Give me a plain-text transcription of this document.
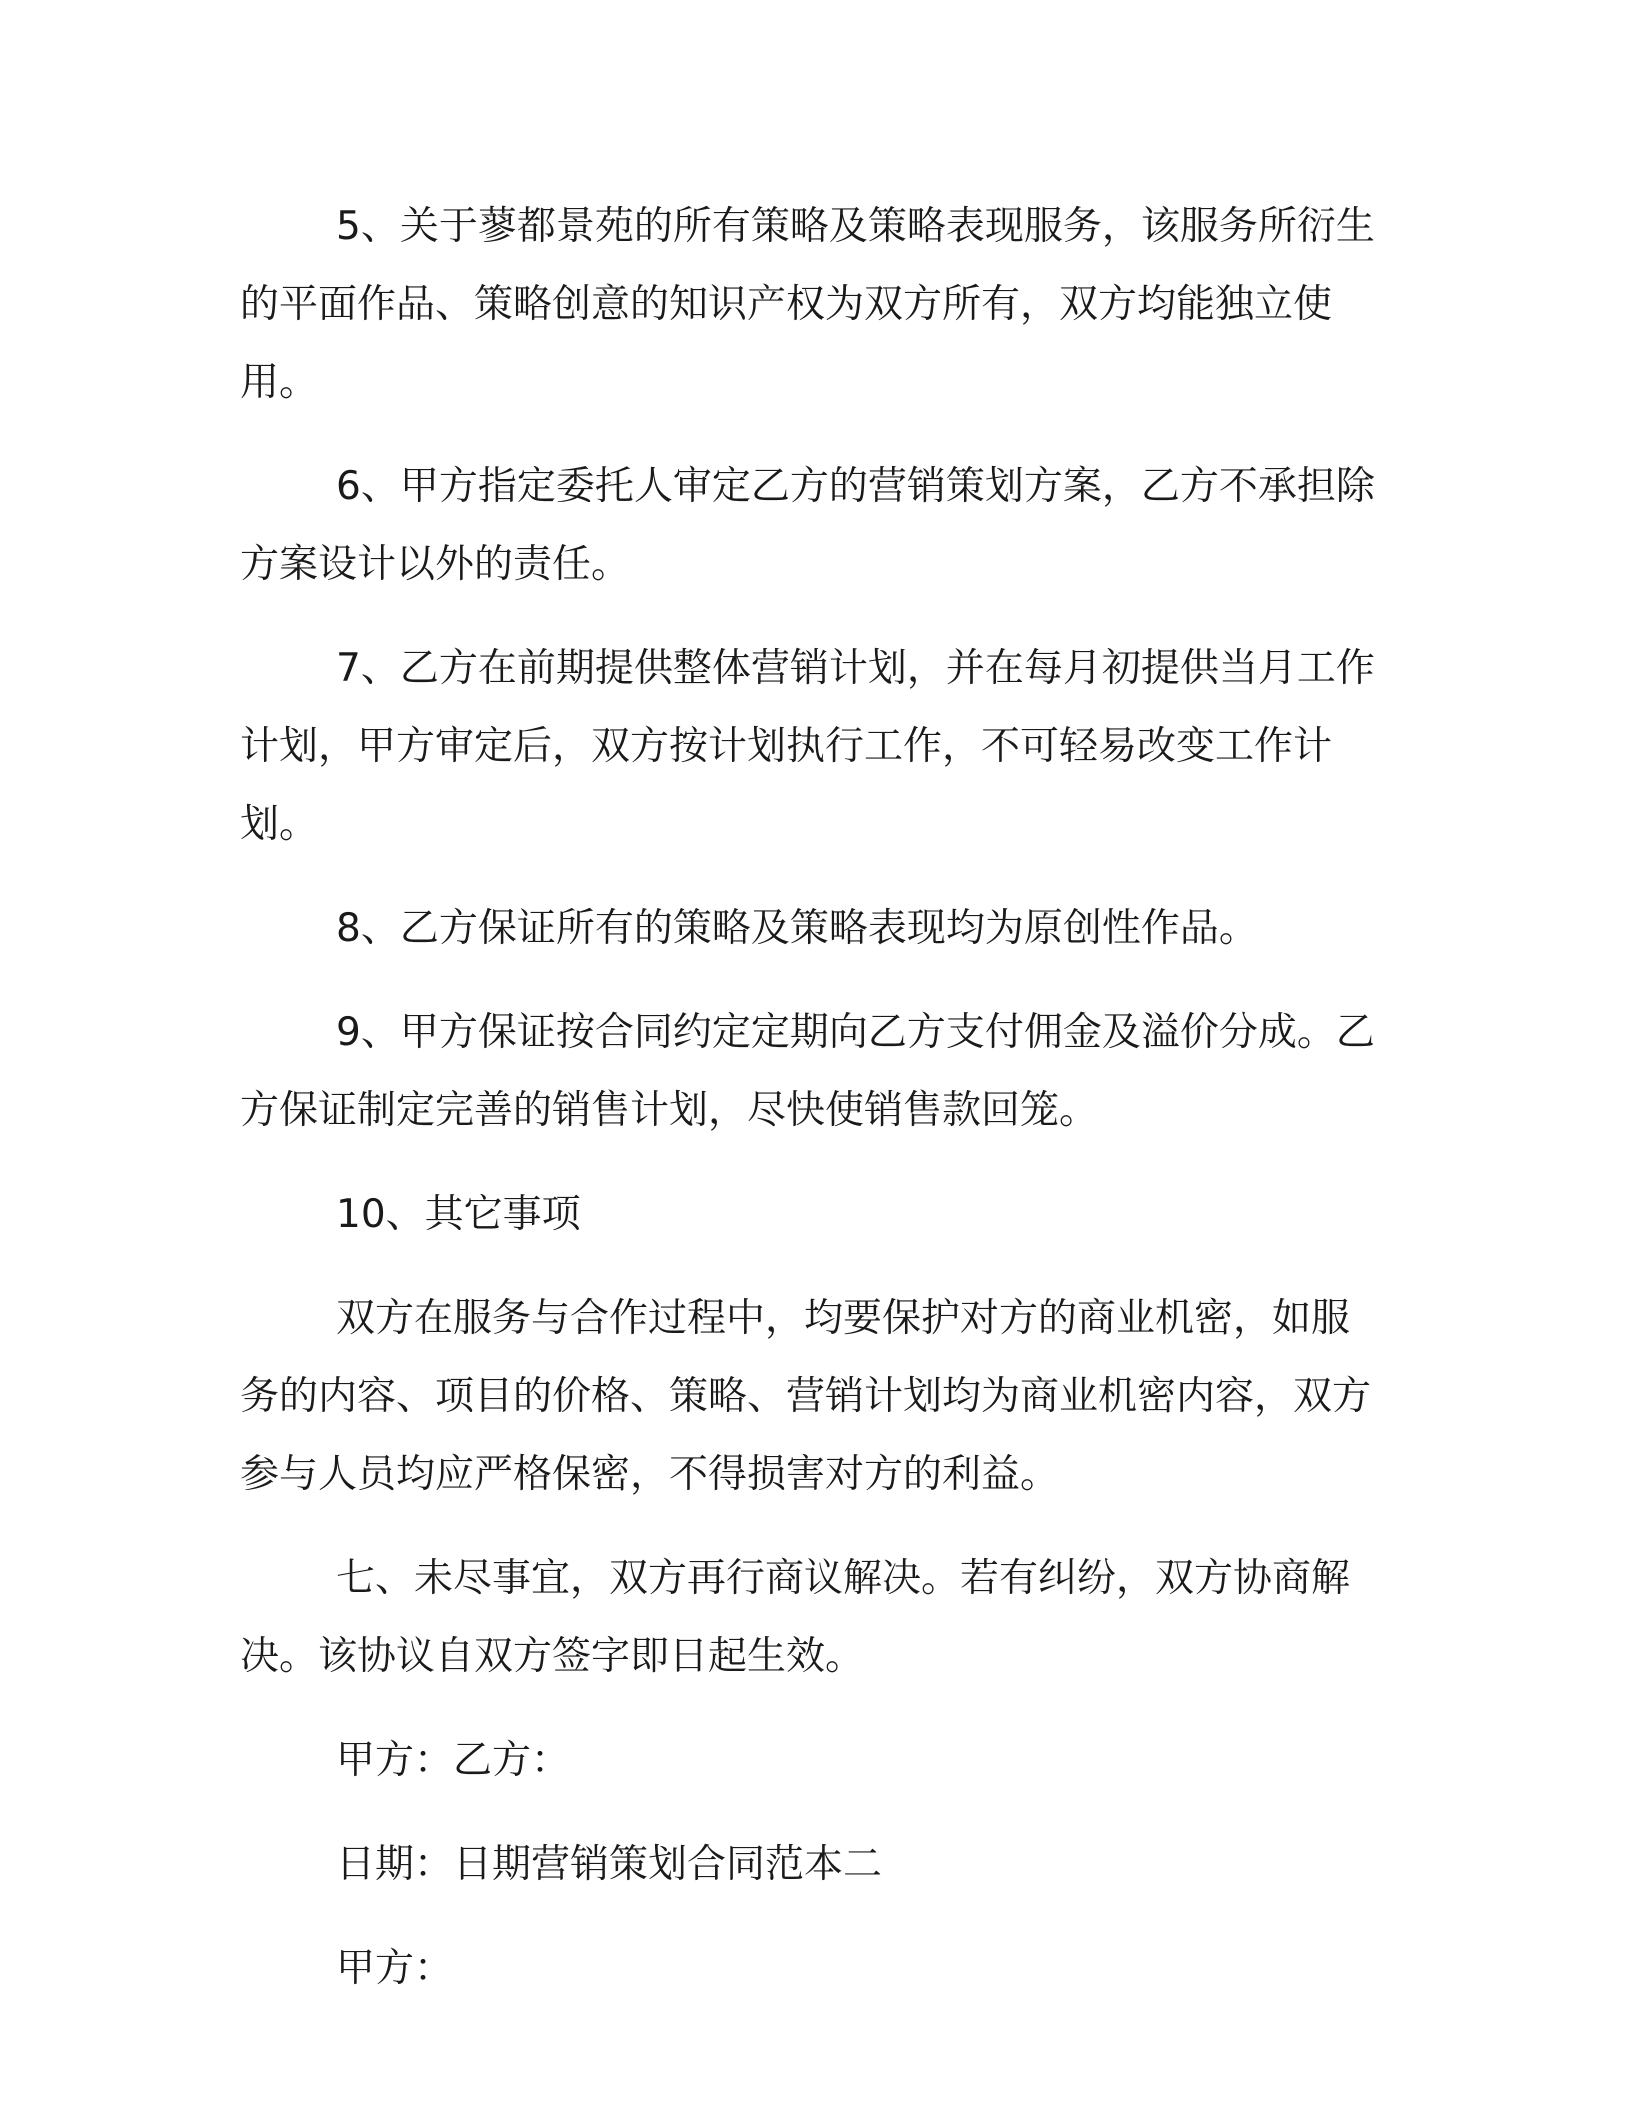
5、关于蓼都景苑的所有策略及策略表现服务，该服务所衍生的平面作品、策略创意的知识产权为双方所有，双方均能独立使用。

6、甲方指定委托人审定乙方的营销策划方案，乙方不承担除方案设计以外的责任。

7、乙方在前期提供整体营销计划，并在每月初提供当月工作计划，甲方审定后，双方按计划执行工作，不可轻易改变工作计划。

8、乙方保证所有的策略及策略表现均为原创性作品。

9、甲方保证按合同约定定期向乙方支付佣金及溢价分成。乙方保证制定完善的销售计划，尽快使销售款回笼。

10、其它事项

双方在服务与合作过程中，均要保护对方的商业机密，如服务的内容、项目的价格、策略、营销计划均为商业机密内容，双方参与人员均应严格保密，不得损害对方的利益。

七、未尽事宜，双方再行商议解决。若有纠纷，双方协商解决。该协议自双方签字即日起生效。

甲方：乙方：

日期：日期营销策划合同范本二

甲方：
